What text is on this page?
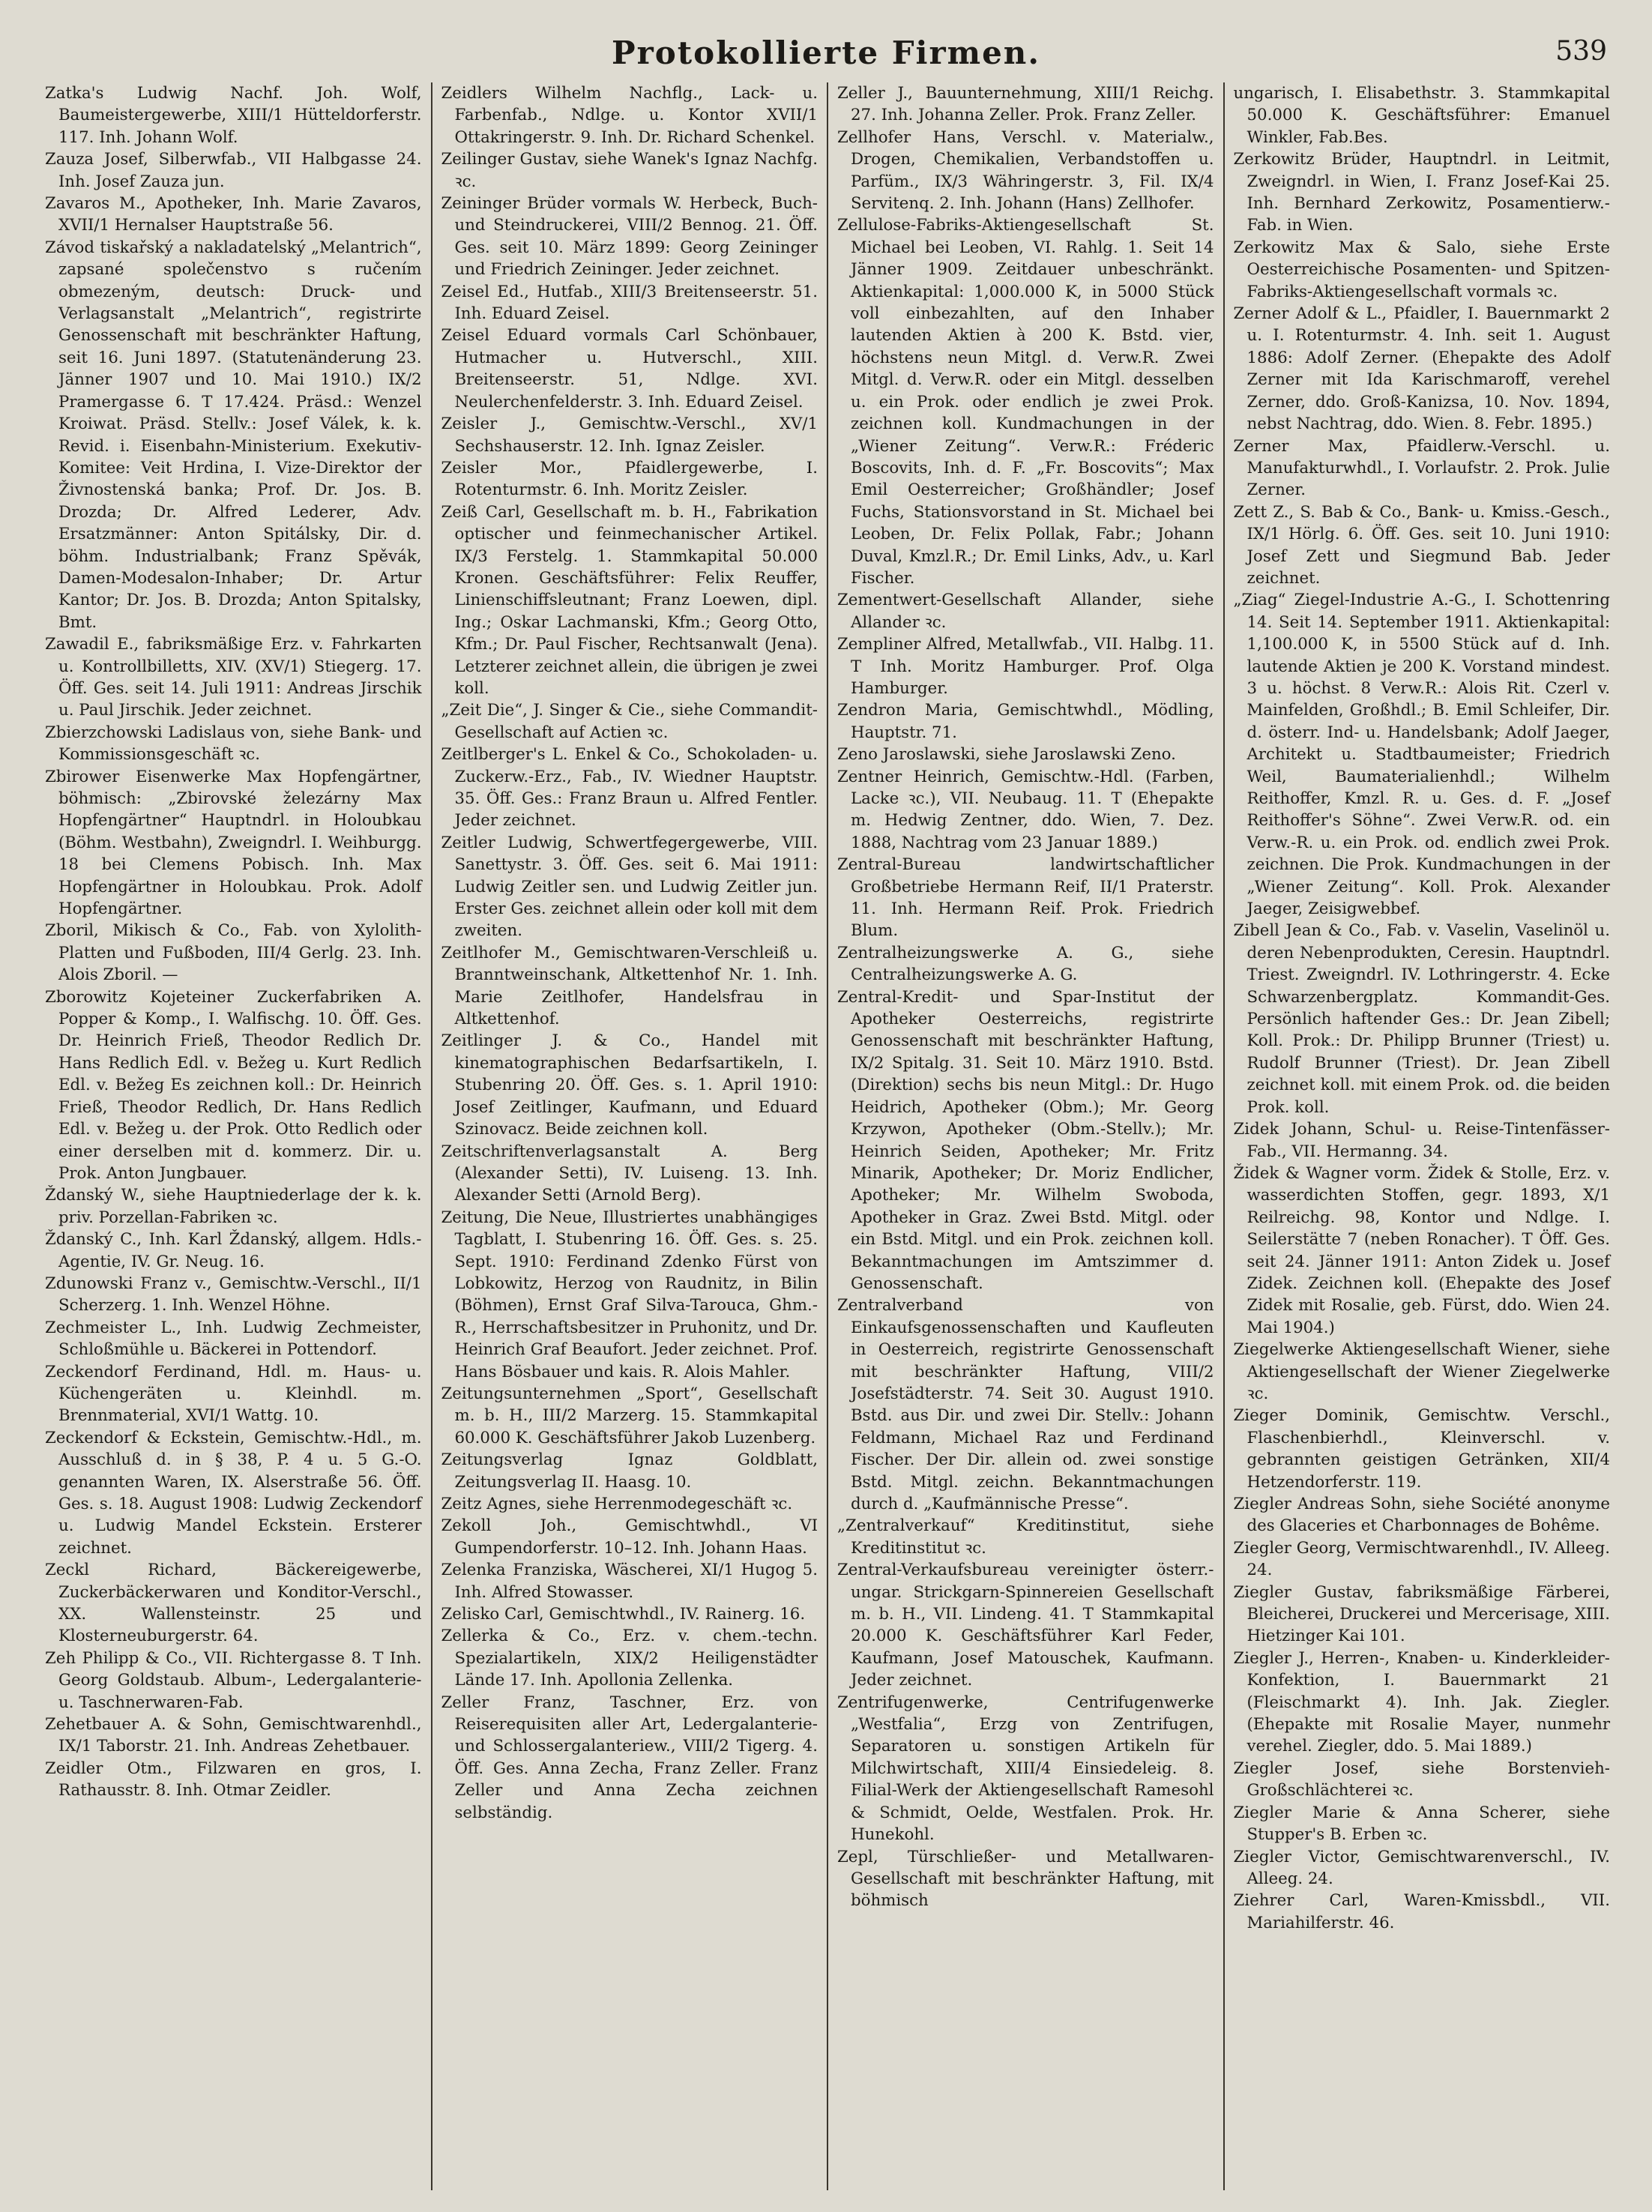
Protokollierte Firmen.	539
Zatka's Ludwig Nachf. Joh. Wolf, Baumeistergewerbe, XIII/1 Hütteldorferstr. 117. Inh. Johann Wolf.
Zauza Josef, Silberwfab., VII Halbgasse 24. Inh. Josef Zauza jun.
Zavaros M., Apotheker, Inh. Marie Zavaros, XVII/1 Hernalser Hauptstraße 56.
Závod tiskařský a nakladatelský „Melantrich“, zapsané společenstvo s ručením obmezeným, deutsch: Druck- und Verlagsanstalt „Melantrich“, registrirte Genossenschaft mit beschränkter Haftung, seit 16. Juni 1897. (Statutenänderung 23. Jänner 1907 und 10. Mai 1910.) IX/2 Pramergasse 6. T 17.424. Präsd.: Wenzel Kroiwat. Präsd. Stellv.: Josef Válek, k. k. Revid. i. Eisenbahn-Ministerium. Exekutiv-Komitee: Veit Hrdina, I. Vize-Direktor der Živnostenská banka; Prof. Dr. Jos. B. Drozda; Dr. Alfred Lederer, Adv. Ersatzmänner: Anton Spitálsky, Dir. d. böhm. Industrialbank; Franz Spěvák, Damen-Modesalon-Inhaber; Dr. Artur Kantor; Dr. Jos. B. Drozda; Anton Spitalsky, Bmt.
Zawadil E., fabriksmäßige Erz. v. Fahrkarten u. Kontrollbilletts, XIV. (XV/1) Stiegerg. 17. Öff. Ges. seit 14. Juli 1911: Andreas Jirschik u. Paul Jirschik. Jeder zeichnet.
Zbierzchowski Ladislaus von, siehe Bank- und Kommissionsgeschäft ꝛc.
Zbirower Eisenwerke Max Hopfengärtner, böhmisch: „Zbirovské železárny Max Hopfengärtner“ Hauptndrl. in Holoubkau (Böhm. Westbahn), Zweigndrl. I. Weihburgg. 18 bei Clemens Pobisch. Inh. Max Hopfengärtner in Holoubkau. Prok. Adolf Hopfengärtner.
Zboril, Mikisch & Co., Fab. von Xylolith-Platten und Fußboden, III/4 Gerlg. 23. Inh. Alois Zboril. —
Zborowitz Kojeteiner Zuckerfabriken A. Popper & Komp., I. Walfischg. 10. Öff. Ges. Dr. Heinrich Frieß, Theodor Redlich Dr. Hans Redlich Edl. v. Bežeg u. Kurt Redlich Edl. v. Bežeg Es zeichnen koll.: Dr. Heinrich Frieß, Theodor Redlich, Dr. Hans Redlich Edl. v. Bežeg u. der Prok. Otto Redlich oder einer derselben mit d. kommerz. Dir. u. Prok. Anton Jungbauer.
Ždanský W., siehe Hauptniederlage der k. k. priv. Porzellan-Fabriken ꝛc.
Ždanský C., Inh. Karl Ždanský, allgem. Hdls.-Agentie, IV. Gr. Neug. 16.
Zdunowski Franz v., Gemischtw.-Verschl., II/1 Scherzerg. 1. Inh. Wenzel Höhne.
Zechmeister L., Inh. Ludwig Zechmeister, Schloßmühle u. Bäckerei in Pottendorf.
Zeckendorf Ferdinand, Hdl. m. Haus- u. Küchengeräten u. Kleinhdl. m. Brennmaterial, XVI/1 Wattg. 10.
Zeckendorf & Eckstein, Gemischtw.-Hdl., m. Ausschluß d. in § 38, P. 4 u. 5 G.-O. genannten Waren, IX. Alserstraße 56. Öff. Ges. s. 18. August 1908: Ludwig Zeckendorf u. Ludwig Mandel Eckstein. Ersterer zeichnet.
Zeckl Richard, Bäckereigewerbe, Zuckerbäckerwaren und Konditor-Verschl., XX. Wallensteinstr. 25 und Klosterneuburgerstr. 64.
Zeh Philipp & Co., VII. Richtergasse 8. T Inh. Georg Goldstaub. Album-, Ledergalanterie- u. Taschnerwaren-Fab.
Zehetbauer A. & Sohn, Gemischtwarenhdl., IX/1 Taborstr. 21. Inh. Andreas Zehetbauer.
Zeidler Otm., Filzwaren en gros, I. Rathausstr. 8. Inh. Otmar Zeidler.
Zeidlers Wilhelm Nachflg., Lack- u. Farbenfab., Ndlge. u. Kontor XVII/1 Ottakringerstr. 9. Inh. Dr. Richard Schenkel.
Zeilinger Gustav, siehe Wanek's Ignaz Nachfg. ꝛc.
Zeininger Brüder vormals W. Herbeck, Buch- und Steindruckerei, VIII/2 Bennog. 21. Öff. Ges. seit 10. März 1899: Georg Zeininger und Friedrich Zeininger. Jeder zeichnet.
Zeisel Ed., Hutfab., XIII/3 Breitenseerstr. 51. Inh. Eduard Zeisel.
Zeisel Eduard vormals Carl Schönbauer, Hutmacher u. Hutverschl., XIII. Breitenseerstr. 51, Ndlge. XVI. Neulerchenfelderstr. 3. Inh. Eduard Zeisel.
Zeisler J., Gemischtw.-Verschl., XV/1 Sechshauserstr. 12. Inh. Ignaz Zeisler.
Zeisler Mor., Pfaidlergewerbe, I. Rotenturmstr. 6. Inh. Moritz Zeisler.
Zeiß Carl, Gesellschaft m. b. H., Fabrikation optischer und feinmechanischer Artikel. IX/3 Ferstelg. 1. Stammkapital 50.000 Kronen. Geschäftsführer: Felix Reuffer, Linienschiffsleutnant; Franz Loewen, dipl. Ing.; Oskar Lachmanski, Kfm.; Georg Otto, Kfm.; Dr. Paul Fischer, Rechtsanwalt (Jena). Letzterer zeichnet allein, die übrigen je zwei koll.
„Zeit Die“, J. Singer & Cie., siehe Commandit-Gesellschaft auf Actien ꝛc.
Zeitlberger's L. Enkel & Co., Schokoladen- u. Zuckerw.-Erz., Fab., IV. Wiedner Hauptstr. 35. Öff. Ges.: Franz Braun u. Alfred Fentler. Jeder zeichnet.
Zeitler Ludwig, Schwertfegergewerbe, VIII. Sanettystr. 3. Öff. Ges. seit 6. Mai 1911: Ludwig Zeitler sen. und Ludwig Zeitler jun. Erster Ges. zeichnet allein oder koll mit dem zweiten.
Zeitlhofer M., Gemischtwaren-Verschleiß u. Branntweinschank, Altkettenhof Nr. 1. Inh. Marie Zeitlhofer, Handelsfrau in Altkettenhof.
Zeitlinger J. & Co., Handel mit kinematographischen Bedarfsartikeln, I. Stubenring 20. Öff. Ges. s. 1. April 1910: Josef Zeitlinger, Kaufmann, und Eduard Szinovacz. Beide zeichnen koll.
Zeitschriftenverlagsanstalt A. Berg (Alexander Setti), IV. Luiseng. 13. Inh. Alexander Setti (Arnold Berg).
Zeitung, Die Neue, Illustriertes unabhängiges Tagblatt, I. Stubenring 16. Öff. Ges. s. 25. Sept. 1910: Ferdinand Zdenko Fürst von Lobkowitz, Herzog von Raudnitz, in Bilin (Böhmen), Ernst Graf Silva-Tarouca, Ghm.-R., Herrschaftsbesitzer in Pruhonitz, und Dr. Heinrich Graf Beaufort. Jeder zeichnet. Prof. Hans Bösbauer und kais. R. Alois Mahler.
Zeitungsunternehmen „Sport“, Gesellschaft m. b. H., III/2 Marzerg. 15. Stammkapital 60.000 K. Geschäftsführer Jakob Luzenberg.
Zeitungsverlag Ignaz Goldblatt, Zeitungsverlag II. Haasg. 10.
Zeitz Agnes, siehe Herrenmodegeschäft ꝛc.
Zekoll Joh., Gemischtwhdl., VI Gumpendorferstr. 10–12. Inh. Johann Haas.
Zelenka Franziska, Wäscherei, XI/1 Hugog 5. Inh. Alfred Stowasser.
Zelisko Carl, Gemischtwhdl., IV. Rainerg. 16.
Zellerka & Co., Erz. v. chem.-techn. Spezialartikeln, XIX/2 Heiligenstädter Lände 17. Inh. Apollonia Zellenka.
Zeller Franz, Taschner, Erz. von Reiserequisiten aller Art, Ledergalanterie- und Schlossergalanteriew., VIII/2 Tigerg. 4. Öff. Ges. Anna Zecha, Franz Zeller. Franz Zeller und Anna Zecha zeichnen selbständig.
Zeller J., Bauunternehmung, XIII/1 Reichg. 27. Inh. Johanna Zeller. Prok. Franz Zeller.
Zellhofer Hans, Verschl. v. Materialw., Drogen, Chemikalien, Verbandstoffen u. Parfüm., IX/3 Währingerstr. 3, Fil. IX/4 Servitenq. 2. Inh. Johann (Hans) Zellhofer.
Zellulose-Fabriks-Aktiengesellschaft St. Michael bei Leoben, VI. Rahlg. 1. Seit 14 Jänner 1909. Zeitdauer unbeschränkt. Aktienkapital: 1,000.000 K, in 5000 Stück voll einbezahlten, auf den Inhaber lautenden Aktien à 200 K. Bstd. vier, höchstens neun Mitgl. d. Verw.R. Zwei Mitgl. d. Verw.R. oder ein Mitgl. desselben u. ein Prok. oder endlich je zwei Prok. zeichnen koll. Kundmachungen in der „Wiener Zeitung“. Verw.R.: Fréderic Boscovits, Inh. d. F. „Fr. Boscovits“; Max Emil Oesterreicher; Großhändler; Josef Fuchs, Stationsvorstand in St. Michael bei Leoben, Dr. Felix Pollak, Fabr.; Johann Duval, Kmzl.R.; Dr. Emil Links, Adv., u. Karl Fischer.
Zementwert-Gesellschaft Allander, siehe Allander ꝛc.
Zempliner Alfred, Metallwfab., VII. Halbg. 11. T Inh. Moritz Hamburger. Prof. Olga Hamburger.
Zendron Maria, Gemischtwhdl., Mödling, Hauptstr. 71.
Zeno Jaroslawski, siehe Jaroslawski Zeno.
Zentner Heinrich, Gemischtw.-Hdl. (Farben, Lacke ꝛc.), VII. Neubaug. 11. T (Ehepakte m. Hedwig Zentner, ddo. Wien, 7. Dez. 1888, Nachtrag vom 23 Januar 1889.)
Zentral-Bureau landwirtschaftlicher Großbetriebe Hermann Reif, II/1 Praterstr. 11. Inh. Hermann Reif. Prok. Friedrich Blum.
Zentralheizungswerke A. G., siehe Centralheizungswerke A. G.
Zentral-Kredit- und Spar-Institut der Apotheker Oesterreichs, registrirte Genossenschaft mit beschränkter Haftung, IX/2 Spitalg. 31. Seit 10. März 1910. Bstd. (Direktion) sechs bis neun Mitgl.: Dr. Hugo Heidrich, Apotheker (Obm.); Mr. Georg Krzywon, Apotheker (Obm.-Stellv.); Mr. Heinrich Seiden, Apotheker; Mr. Fritz Minarik, Apotheker; Dr. Moriz Endlicher, Apotheker; Mr. Wilhelm Swoboda, Apotheker in Graz. Zwei Bstd. Mitgl. oder ein Bstd. Mitgl. und ein Prok. zeichnen koll. Bekanntmachungen im Amtszimmer d. Genossenschaft.
Zentralverband von Einkaufsgenossenschaften und Kaufleuten in Oesterreich, registrirte Genossenschaft mit beschränkter Haftung, VIII/2 Josefstädterstr. 74. Seit 30. August 1910. Bstd. aus Dir. und zwei Dir. Stellv.: Johann Feldmann, Michael Raz und Ferdinand Fischer. Der Dir. allein od. zwei sonstige Bstd. Mitgl. zeichn. Bekanntmachungen durch d. „Kaufmännische Presse“.
„Zentralverkauf“ Kreditinstitut, siehe Kreditinstitut ꝛc.
Zentral-Verkaufsbureau vereinigter österr.-ungar. Strickgarn-Spinnereien Gesellschaft m. b. H., VII. Lindeng. 41. T Stammkapital 20.000 K. Geschäftsführer Karl Feder, Kaufmann, Josef Matouschek, Kaufmann. Jeder zeichnet.
Zentrifugenwerke, Centrifugenwerke „Westfalia“, Erzg von Zentrifugen, Separatoren u. sonstigen Artikeln für Milchwirtschaft, XIII/4 Einsiedeleig. 8. Filial-Werk der Aktiengesellschaft Ramesohl & Schmidt, Oelde, Westfalen. Prok. Hr. Hunekohl.
Zepl, Türschließer- und Metallwaren-Gesellschaft mit beschränkter Haftung, mit böhmisch
ungarisch, I. Elisabethstr. 3. Stammkapital 50.000 K. Geschäftsführer: Emanuel Winkler, Fab.Bes.
Zerkowitz Brüder, Hauptndrl. in Leitmit, Zweigndrl. in Wien, I. Franz Josef-Kai 25. Inh. Bernhard Zerkowitz, Posamentierw.-Fab. in Wien.
Zerkowitz Max & Salo, siehe Erste Oesterreichische Posamenten- und Spitzen-Fabriks-Aktiengesellschaft vormals ꝛc.
Zerner Adolf & L., Pfaidler, I. Bauernmarkt 2 u. I. Rotenturmstr. 4. Inh. seit 1. August 1886: Adolf Zerner. (Ehepakte des Adolf Zerner mit Ida Karischmaroff, verehel Zerner, ddo. Groß-Kanizsa, 10. Nov. 1894, nebst Nachtrag, ddo. Wien. 8. Febr. 1895.)
Zerner Max, Pfaidlerw.-Verschl. u. Manufakturwhdl., I. Vorlaufstr. 2. Prok. Julie Zerner.
Zett Z., S. Bab & Co., Bank- u. Kmiss.-Gesch., IX/1 Hörlg. 6. Öff. Ges. seit 10. Juni 1910: Josef Zett und Siegmund Bab. Jeder zeichnet.
„Ziag“ Ziegel-Industrie A.-G., I. Schottenring 14. Seit 14. September 1911. Aktienkapital: 1,100.000 K, in 5500 Stück auf d. Inh. lautende Aktien je 200 K. Vorstand mindest. 3 u. höchst. 8 Verw.R.: Alois Rit. Czerl v. Mainfelden, Großhdl.; B. Emil Schleifer, Dir. d. österr. Ind- u. Handelsbank; Adolf Jaeger, Architekt u. Stadtbaumeister; Friedrich Weil, Baumaterialienhdl.; Wilhelm Reithoffer, Kmzl. R. u. Ges. d. F. „Josef Reithoffer's Söhne“. Zwei Verw.R. od. ein Verw.-R. u. ein Prok. od. endlich zwei Prok. zeichnen. Die Prok. Kundmachungen in der „Wiener Zeitung“. Koll. Prok. Alexander Jaeger, Zeisigwebbef.
Zibell Jean & Co., Fab. v. Vaselin, Vaselinöl u. deren Nebenprodukten, Ceresin. Hauptndrl. Triest. Zweigndrl. IV. Lothringerstr. 4. Ecke Schwarzenbergplatz. Kommandit-Ges. Persönlich haftender Ges.: Dr. Jean Zibell; Koll. Prok.: Dr. Philipp Brunner (Triest) u. Rudolf Brunner (Triest). Dr. Jean Zibell zeichnet koll. mit einem Prok. od. die beiden Prok. koll.
Zidek Johann, Schul- u. Reise-Tintenfässer-Fab., VII. Hermanng. 34.
Židek & Wagner vorm. Židek & Stolle, Erz. v. wasserdichten Stoffen, gegr. 1893, X/1 Reilreichg. 98, Kontor und Ndlge. I. Seilerstätte 7 (neben Ronacher). T Öff. Ges. seit 24. Jänner 1911: Anton Zidek u. Josef Zidek. Zeichnen koll. (Ehepakte des Josef Zidek mit Rosalie, geb. Fürst, ddo. Wien 24. Mai 1904.)
Ziegelwerke Aktiengesellschaft Wiener, siehe Aktiengesellschaft der Wiener Ziegelwerke ꝛc.
Zieger Dominik, Gemischtw. Verschl., Flaschenbierhdl., Kleinverschl. v. gebrannten geistigen Getränken, XII/4 Hetzendorferstr. 119.
Ziegler Andreas Sohn, siehe Société anonyme des Glaceries et Charbonnages de Bohême.
Ziegler Georg, Vermischtwarenhdl., IV. Alleeg. 24.
Ziegler Gustav, fabriksmäßige Färberei, Bleicherei, Druckerei und Mercerisage, XIII. Hietzinger Kai 101.
Ziegler J., Herren-, Knaben- u. Kinderkleider-Konfektion, I. Bauernmarkt 21 (Fleischmarkt 4). Inh. Jak. Ziegler. (Ehepakte mit Rosalie Mayer, nunmehr verehel. Ziegler, ddo. 5. Mai 1889.)
Ziegler Josef, siehe Borstenvieh-Großschlächterei ꝛc.
Ziegler Marie & Anna Scherer, siehe Stupper's B. Erben ꝛc.
Ziegler Victor, Gemischtwarenverschl., IV. Alleeg. 24.
Ziehrer Carl, Waren-Kmissbdl., VII. Mariahilferstr. 46.
